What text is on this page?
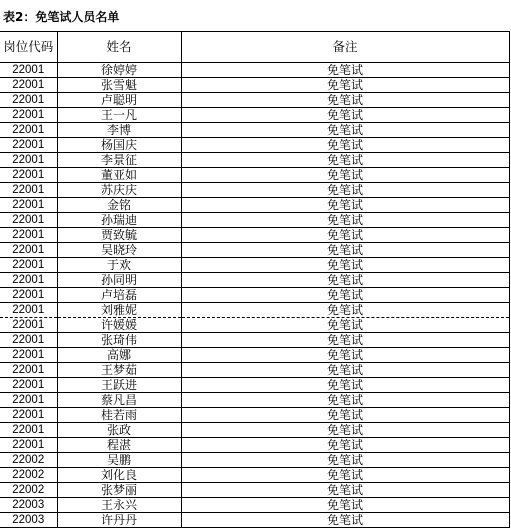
表2：免笔试人员名单
岗位代码	姓名	备注
22001	徐婷婷	免笔试
22001	张雪魁	免笔试
22001	卢聪明	免笔试
22001	王一凡	免笔试
22001	李博	免笔试
22001	杨国庆	免笔试
22001	李景征	免笔试
22001	董亚如	免笔试
22001	苏庆庆	免笔试
22001	金铭	免笔试
22001	孙瑞迪	免笔试
22001	贾致毓	免笔试
22001	吴晓玲	免笔试
22001	于欢	免笔试
22001	孙同明	免笔试
22001	卢培磊	免笔试
22001	刘雅妮	免笔试
22001	许媛媛	免笔试
22001	张琦伟	免笔试
22001	高娜	免笔试
22001	王梦茹	免笔试
22001	王跃进	免笔试
22001	蔡凡昌	免笔试
22001	桂若雨	免笔试
22001	张政	免笔试
22001	程湛	免笔试
22002	吴鹏	免笔试
22002	刘化良	免笔试
22002	张梦丽	免笔试
22003	王永兴	免笔试
22003	许丹丹	免笔试
